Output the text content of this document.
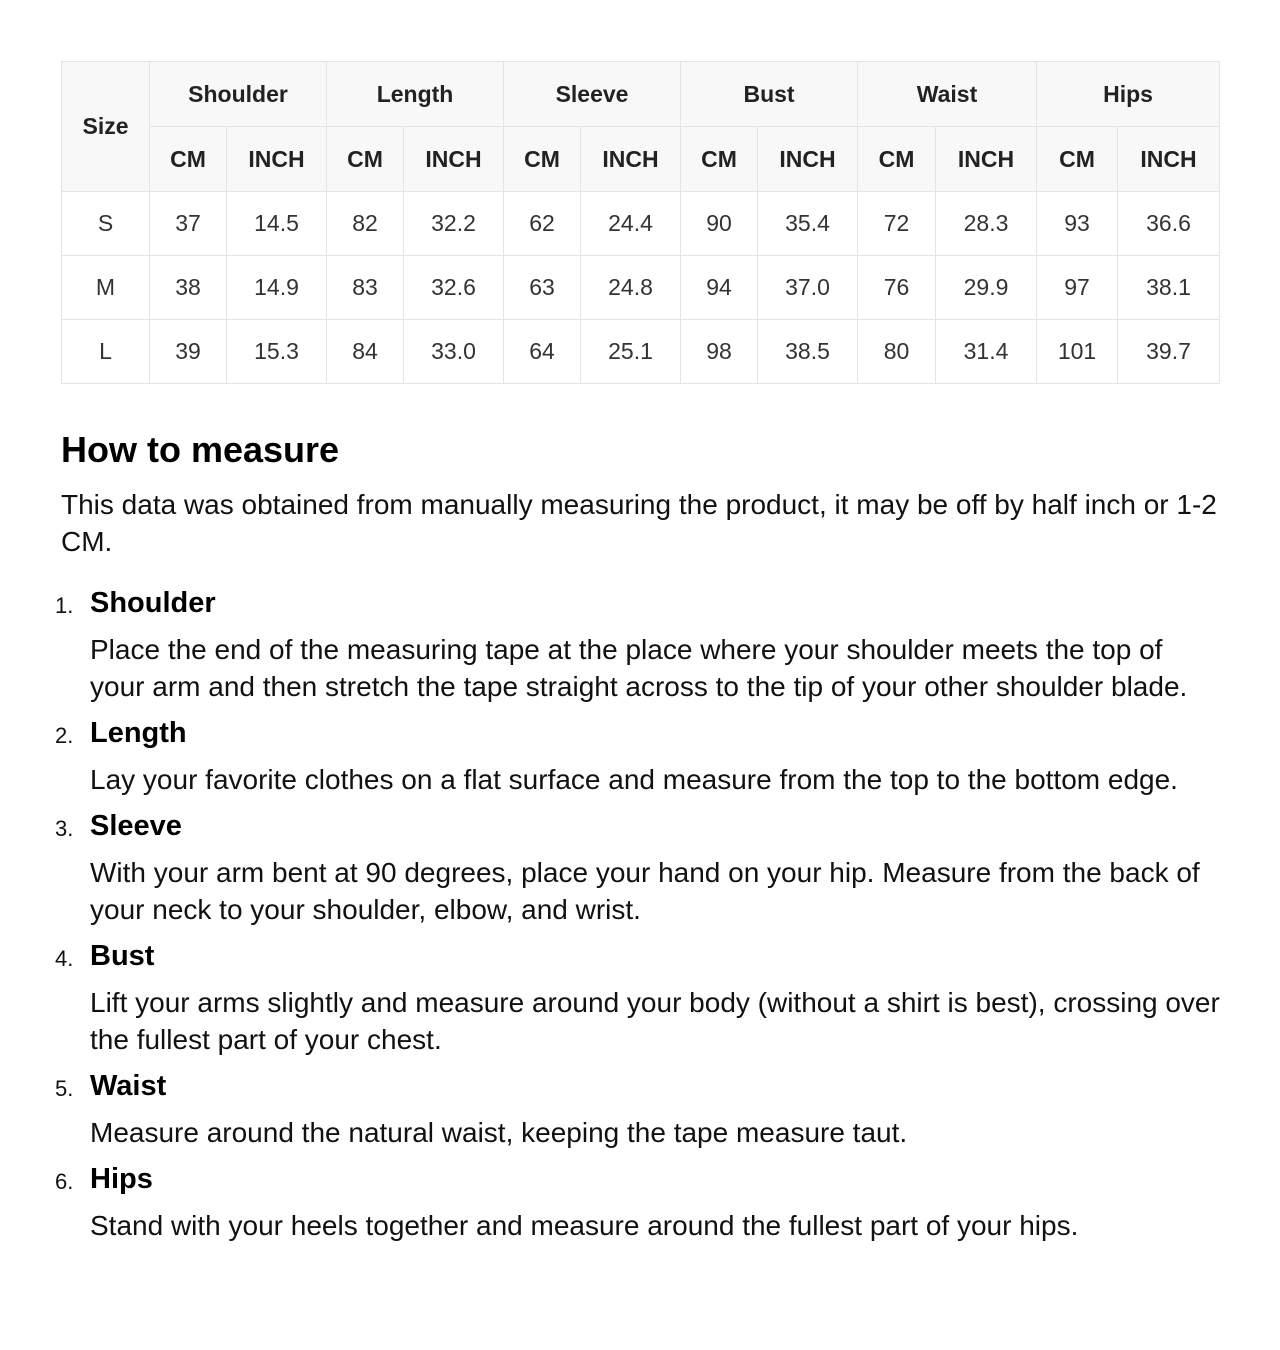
Size	Shoulder		Length		Sleeve		Bust		Waist		Hips	
	CM	INCH	CM	INCH	CM	INCH	CM	INCH	CM	INCH	CM	INCH
S	37	14.5	82	32.2	62	24.4	90	35.4	72	28.3	93	36.6
M	38	14.9	83	32.6	63	24.8	94	37.0	76	29.9	97	38.1
L	39	15.3	84	33.0	64	25.1	98	38.5	80	31.4	101	39.7
How to measure

This data was obtained from manually measuring the product, it may be off by half inch or 1-2 CM.

1. Shoulder

Place the end of the measuring tape at the place where your shoulder meets the top of your arm and then stretch the tape straight across to the tip of your other shoulder blade.

2. Length

Lay your favorite clothes on a flat surface and measure from the top to the bottom edge.

3. Sleeve

With your arm bent at 90 degrees, place your hand on your hip. Measure from the back of your neck to your shoulder, elbow, and wrist.

4. Bust

Lift your arms slightly and measure around your body (without a shirt is best), crossing over the fullest part of your chest.

5. Waist

Measure around the natural waist, keeping the tape measure taut.

6. Hips

Stand with your heels together and measure around the fullest part of your hips.
